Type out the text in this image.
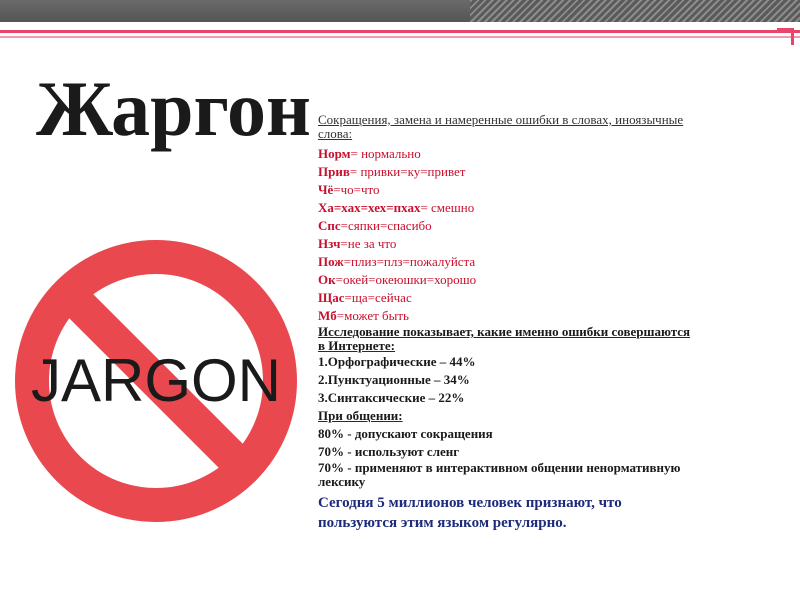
Жаргон
JARGON

Сокращения, замена и намеренные ошибки в словах, иноязычные слова:

Норм= нормально

Прив= привки=ку=привет

Чё=чо=что

Ха=хах=хех=пхах= смешно

Спс=сяпки=спасибо

Нзч=не за что

Пож=плиз=плз=пожалуйста

Ок=окей=океюшки=хорошо

Щас=ща=сейчас

Мб=может быть

Исследование показывает, какие именно ошибки совершаются в Интернете:

1.Орфографические – 44%

2.Пунктуационные – 34%

3.Синтаксические – 22%

При общении:

80% - допускают сокращения

70% - используют сленг

70% - применяют в интерактивном общении ненормативную лексику

Сегодня 5 миллионов человек признают, что пользуются этим языком регулярно.
